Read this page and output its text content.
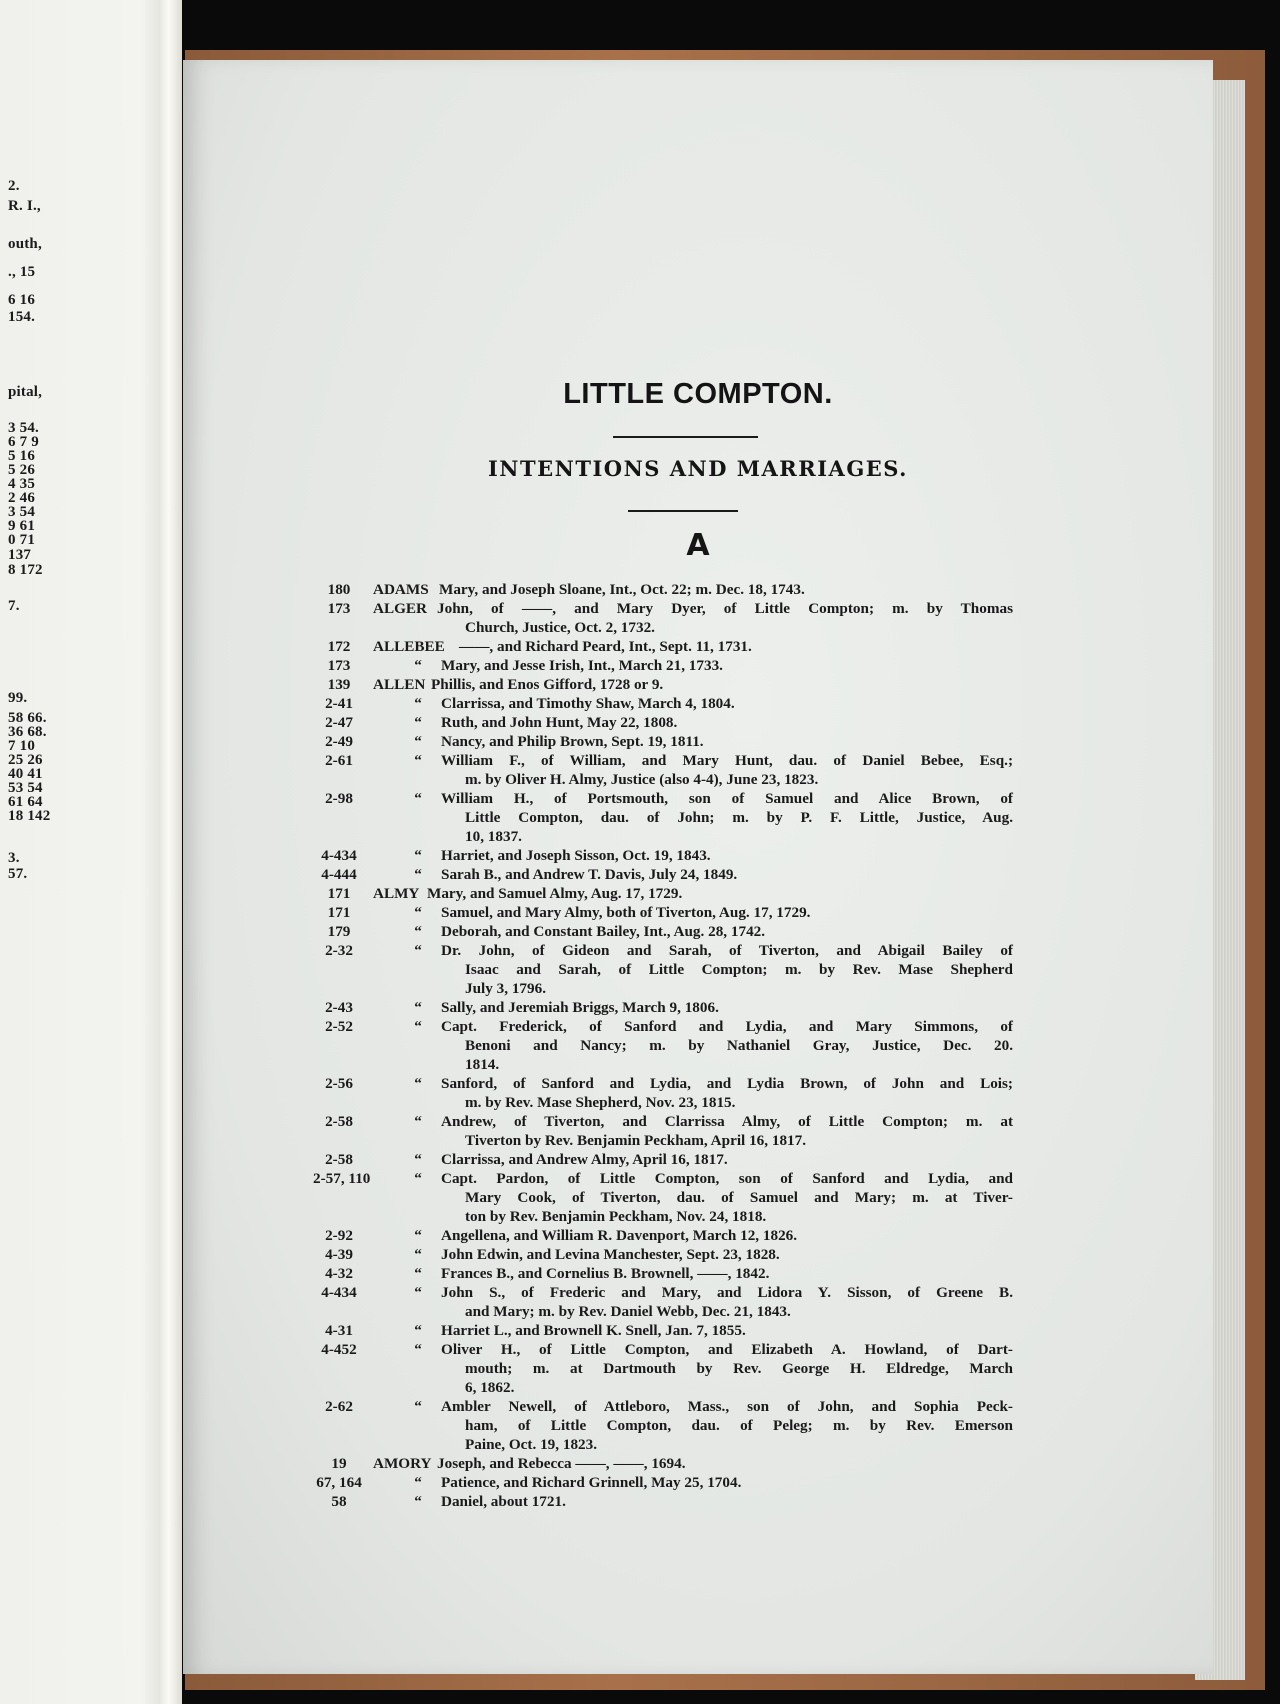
2.
R. I.,
outh,
., 15
6 16
154.
pital,
3 54.
6 7 9
5 16
5 26
4 35
2 46
3 54
9 61
0 71
137
8 172
7.
99.
58 66.
36 68.
7 10
25 26
40 41
53 54
61 64
18 142
3.
57.
LITTLE COMPTON.
INTENTIONS AND MARRIAGES.
A
180	ADAMS Mary, and Joseph Sloane, Int., Oct. 22; m. Dec. 18, 1743.
173	ALGER John, of ——, and Mary Dyer, of Little Compton; m. by Thomas
Church, Justice, Oct. 2, 1732.
172	ALLEBEE ——, and Richard Peard, Int., Sept. 11, 1731.
173	“ Mary, and Jesse Irish, Int., March 21, 1733.
139	ALLEN Phillis, and Enos Gifford, 1728 or 9.
2-41	“ Clarrissa, and Timothy Shaw, March 4, 1804.
2-47	“ Ruth, and John Hunt, May 22, 1808.
2-49	“ Nancy, and Philip Brown, Sept. 19, 1811.
2-61	“ William F., of William, and Mary Hunt, dau. of Daniel Bebee, Esq.;
m. by Oliver H. Almy, Justice (also 4-4), June 23, 1823.
2-98	“ William H., of Portsmouth, son of Samuel and Alice Brown, of
Little Compton, dau. of John; m. by P. F. Little, Justice, Aug.
10, 1837.
4-434	“ Harriet, and Joseph Sisson, Oct. 19, 1843.
4-444	“ Sarah B., and Andrew T. Davis, July 24, 1849.
171	ALMY Mary, and Samuel Almy, Aug. 17, 1729.
171	“ Samuel, and Mary Almy, both of Tiverton, Aug. 17, 1729.
179	“ Deborah, and Constant Bailey, Int., Aug. 28, 1742.
2-32	“ Dr. John, of Gideon and Sarah, of Tiverton, and Abigail Bailey of
Isaac and Sarah, of Little Compton; m. by Rev. Mase Shepherd
July 3, 1796.
2-43	“ Sally, and Jeremiah Briggs, March 9, 1806.
2-52	“ Capt. Frederick, of Sanford and Lydia, and Mary Simmons, of
Benoni and Nancy; m. by Nathaniel Gray, Justice, Dec. 20.
1814.
2-56	“ Sanford, of Sanford and Lydia, and Lydia Brown, of John and Lois;
m. by Rev. Mase Shepherd, Nov. 23, 1815.
2-58	“ Andrew, of Tiverton, and Clarrissa Almy, of Little Compton; m. at
Tiverton by Rev. Benjamin Peckham, April 16, 1817.
2-58	“ Clarrissa, and Andrew Almy, April 16, 1817.
2-57, 110	“ Capt. Pardon, of Little Compton, son of Sanford and Lydia, and
Mary Cook, of Tiverton, dau. of Samuel and Mary; m. at Tiver-
ton by Rev. Benjamin Peckham, Nov. 24, 1818.
2-92	“ Angellena, and William R. Davenport, March 12, 1826.
4-39	“ John Edwin, and Levina Manchester, Sept. 23, 1828.
4-32	“ Frances B., and Cornelius B. Brownell, ——, 1842.
4-434	“ John S., of Frederic and Mary, and Lidora Y. Sisson, of Greene B.
and Mary; m. by Rev. Daniel Webb, Dec. 21, 1843.
4-31	“ Harriet L., and Brownell K. Snell, Jan. 7, 1855.
4-452	“ Oliver H., of Little Compton, and Elizabeth A. Howland, of Dart-
mouth; m. at Dartmouth by Rev. George H. Eldredge, March
6, 1862.
2-62	“ Ambler Newell, of Attleboro, Mass., son of John, and Sophia Peck-
ham, of Little Compton, dau. of Peleg; m. by Rev. Emerson
Paine, Oct. 19, 1823.
19	AMORY Joseph, and Rebecca ——, ——, 1694.
67, 164	“ Patience, and Richard Grinnell, May 25, 1704.
58	“ Daniel, about 1721.
